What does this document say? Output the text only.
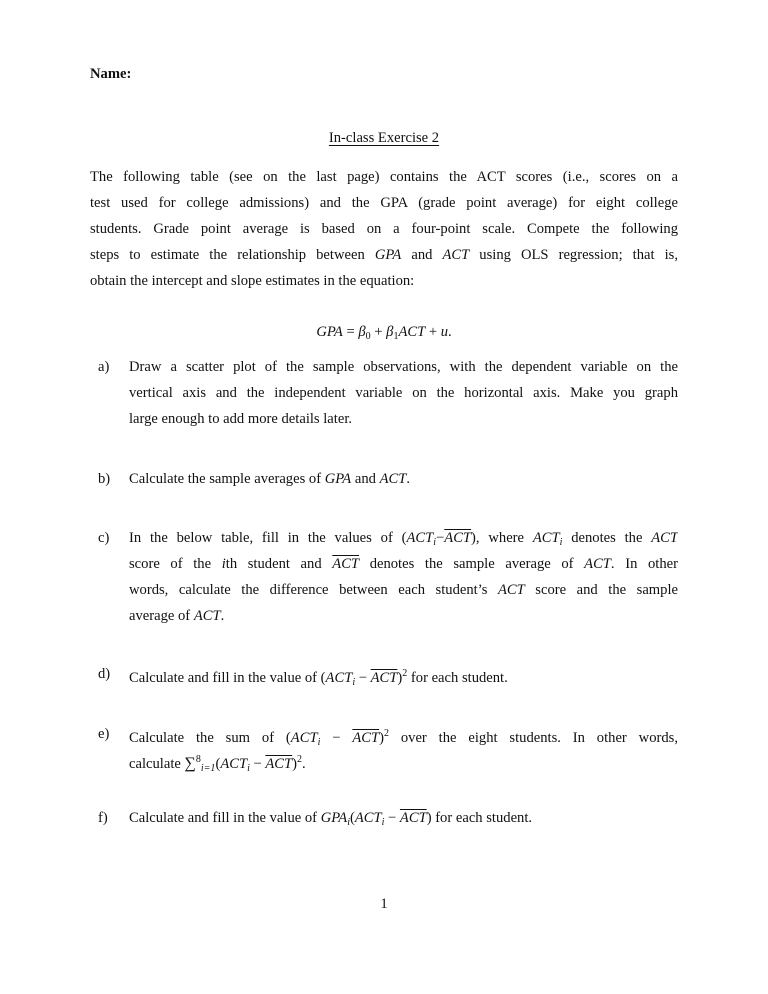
Name:
In-class Exercise 2
The following table (see on the last page) contains the ACT scores (i.e., scores on a
test used for college admissions) and the GPA (grade point average) for eight college
students. Grade point average is based on a four-point scale. Compete the following
steps to estimate the relationship between GPA and ACT using OLS regression; that is,
obtain the intercept and slope estimates in the equation:
GPA = $\beta_0 + \beta_1ACT + u$.
a) Draw a scatter plot of the sample observations, with the dependent variable on the
vertical axis and the independent variable on the horizontal axis. Make you graph
large enough to add more details later.
b) Calculate the sample averages of GPA and ACT.
c) In the below table, fill in the values of $(ACT_i-\overline{ACT})$, where $ACT_i$ denotes the ACT
score of the ith student and $\overline{ACT}$ denotes the sample average of ACT. In other
words, calculate the difference between each student’s ACT score and the sample
average of ACT.
d) Calculate and fill in the value of $(ACT_i - \overline{ACT})^2$ for each student.
e) Calculate the sum of $(ACT_i - \overline{ACT})^2$ over the eight students. In other words,
calculate $\sum^8_{i=1}(ACT_i - \overline{ACT})^2$.
f) Calculate and fill in the value of $GPA_i(ACT_i - \overline{ACT})$ for each student.
1
